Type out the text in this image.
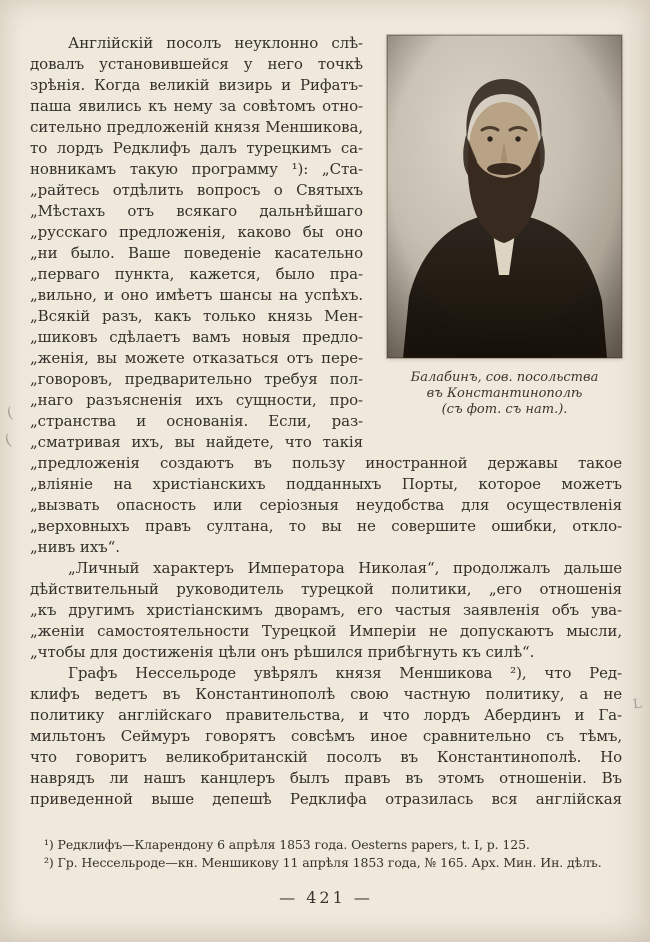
Балабинъ, сов. посольства
въ Константинополѣ
(съ фот. съ нат.).
Англійскій посолъ неуклонно слѣ-
довалъ установившейся у него точкѣ
зрѣнія. Когда великій визирь и Рифатъ-
паша явились къ нему за совѣтомъ отно-
сительно предложеній князя Меншикова,
то лордъ Редклифъ далъ турецкимъ са-
новникамъ такую программу ¹): „Ста-
„райтесь отдѣлить вопросъ о Святыхъ
„Мѣстахъ отъ всякаго дальнѣйшаго
„русскаго предложенія, каково бы оно
„ни было. Ваше поведеніе касательно
„перваго пункта, кажется, было пра-
„вильно, и оно имѣетъ шансы на успѣхъ.
„Всякій разъ, какъ только князь Мен-
„шиковъ сдѣлаетъ вамъ новыя предло-
„женія, вы можете отказаться отъ пере-
„говоровъ, предварительно требуя пол-
„наго разъясненія ихъ сущности, про-
„странства и основанія. Если, раз-
„сматривая ихъ, вы найдете, что такія
„предложенія создаютъ въ пользу иностранной державы такое
„вліяніе на христіанскихъ подданныхъ Порты, которое можетъ
„вызвать опасность или серіозныя неудобства для осуществленія
„верховныхъ правъ султана, то вы не совершите ошибки, откло-
„нивъ ихъ“.
„Личный характеръ Императора Николая“, продолжалъ дальше
дѣйствительный руководитель турецкой политики, „его отношенія
„къ другимъ христіанскимъ дворамъ, его частыя заявленія объ ува-
„женіи самостоятельности Турецкой Имперіи не допускаютъ мысли,
„чтобы для достиженія цѣли онъ рѣшился прибѣгнуть къ силѣ“.
Графъ Нессельроде увѣрялъ князя Меншикова ²), что Ред-
клифъ ведетъ въ Константинополѣ свою частную политику, а не
политику англійскаго правительства, и что лордъ Абердинъ и Га-
мильтонъ Сеймуръ говорятъ совсѣмъ иное сравнительно съ тѣмъ,
что говоритъ великобританскій посолъ въ Константинополѣ. Но
наврядъ ли нашъ канцлеръ былъ правъ въ этомъ отношеніи. Въ
приведенной выше депешѣ Редклифа отразилась вся англійская
¹) Редклифъ—Кларендону 6 апрѣля 1853 года. Oesterns papers, t. I, p. 125.
²) Гр. Нессельроде—кн. Меншикову 11 апрѣля 1853 года, № 165. Арх. Мин. Ин. дѣлъ.
— 421 —
(
(
L
